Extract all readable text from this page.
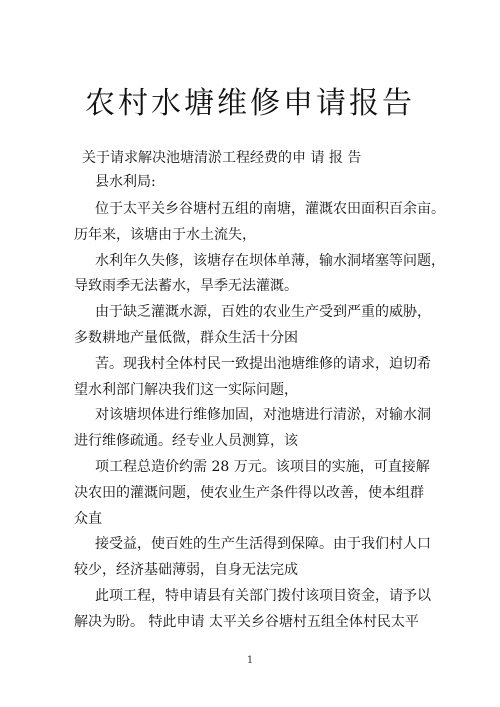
农村水塘维修申请报告
关于请求解决池塘清淤工程经费的申 请 报 告
县水利局:
位于太平关乡谷塘村五组的南塘，灌溉农田面积百余亩。
历年来，该塘由于水土流失，
水利年久失修，该塘存在坝体单薄，输水洞堵塞等问题，
导致雨季无法蓄水，旱季无法灌溉。
由于缺乏灌溉水源，百姓的农业生产受到严重的威胁，
多数耕地产量低微，群众生活十分困
苦。现我村全体村民一致提出池塘维修的请求，迫切希
望水利部门解决我们这一实际问题，
对该塘坝体进行维修加固，对池塘进行清淤，对输水洞
进行维修疏通。经专业人员测算，该
项工程总造价约需 28 万元。该项目的实施，可直接解
决农田的灌溉问题，使农业生产条件得以改善，使本组群
众直
接受益，使百姓的生产生活得到保障。由于我们村人口
较少，经济基础薄弱，自身无法完成
此项工程，特申请县有关部门拨付该项目资金，请予以
解决为盼。 特此申请 太平关乡谷塘村五组全体村民太平
1
